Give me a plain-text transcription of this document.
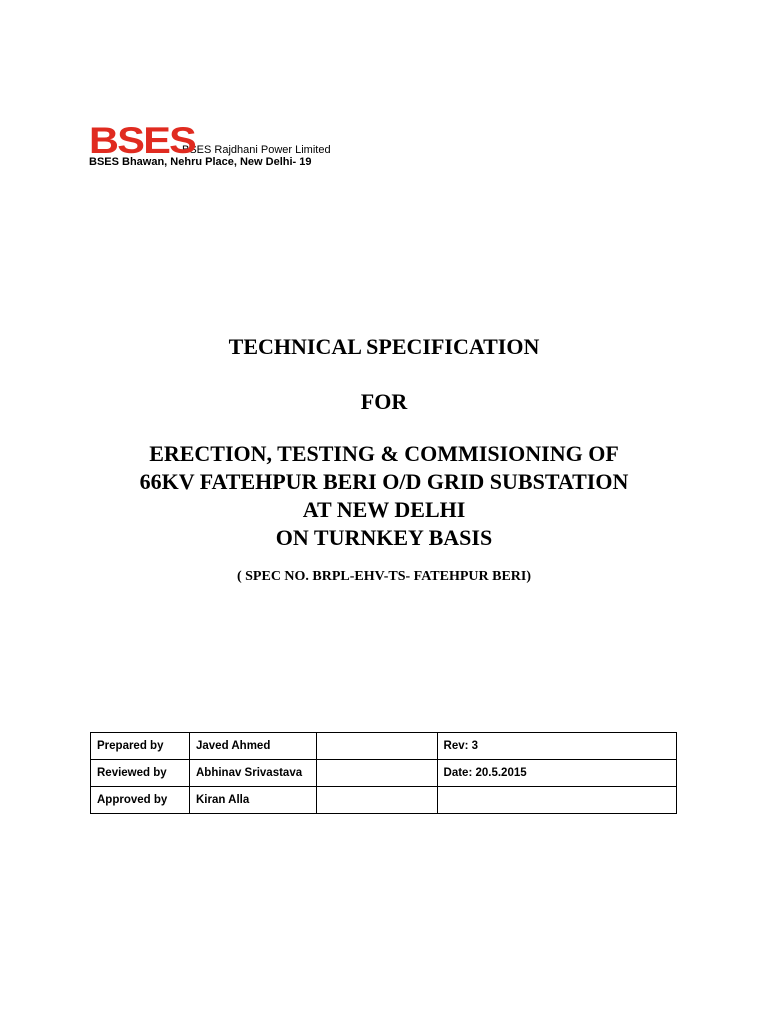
BSES
BSES Rajdhani Power Limited
BSES Bhawan, Nehru Place, New Delhi- 19
TECHNICAL SPECIFICATION
FOR
ERECTION, TESTING & COMMISIONING OF
66KV FATEHPUR BERI O/D GRID SUBSTATION
AT NEW DELHI
ON TURNKEY BASIS
( SPEC NO. BRPL-EHV-TS- FATEHPUR BERI)
Prepared by	Javed Ahmed		Rev: 3
Reviewed by	Abhinav Srivastava		Date: 20.5.2015
Approved by	Kiran Alla		
